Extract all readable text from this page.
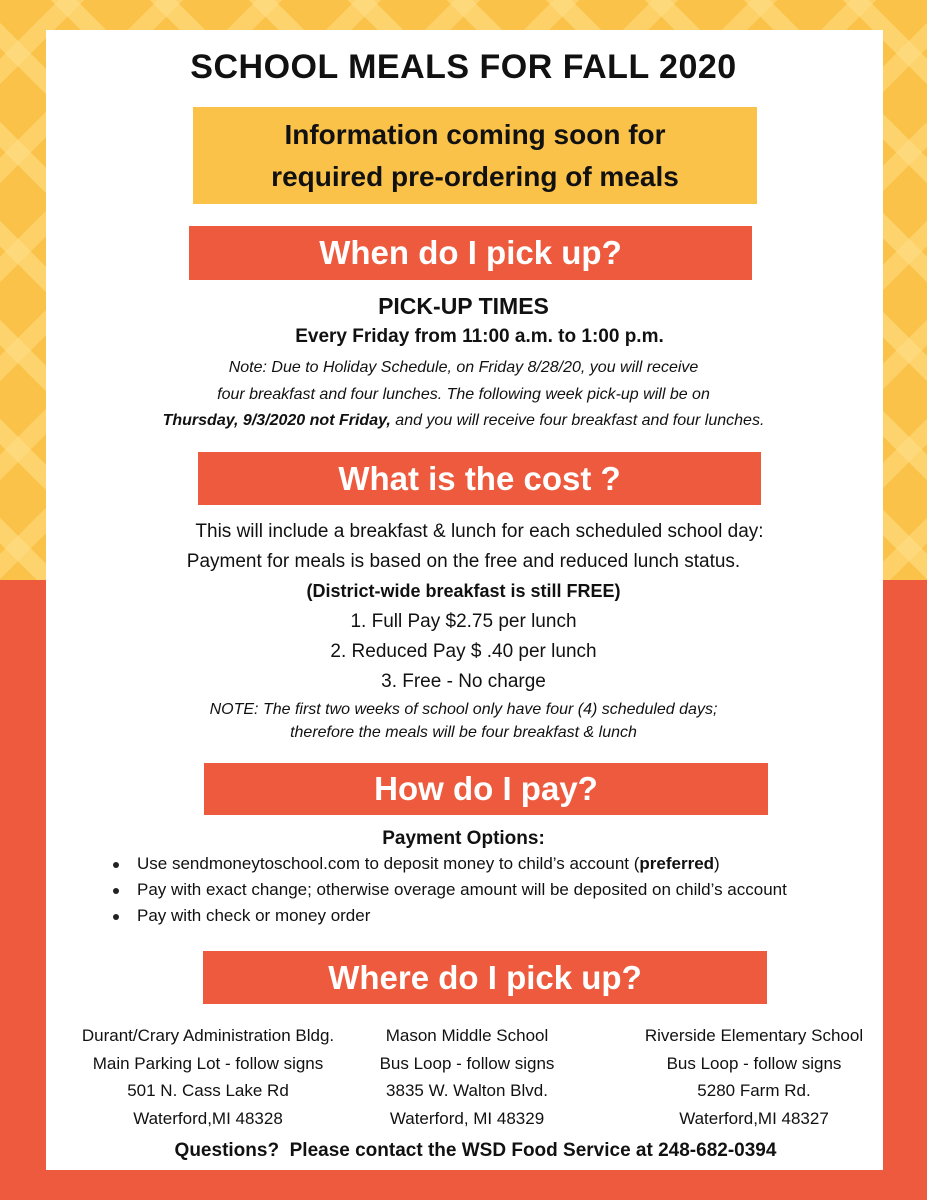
SCHOOL MEALS FOR FALL 2020
Information coming soon for
required pre-ordering of meals
When do I pick up?
PICK-UP TIMES
Every Friday from 11:00 a.m. to 1:00 p.m.
Note: Due to Holiday Schedule, on Friday 8/28/20, you will receive
four breakfast and four lunches. The following week pick-up will be on
Thursday, 9/3/2020 not Friday, and you will receive four breakfast and four lunches.
What is the cost ?
This will include a breakfast & lunch for each scheduled school day:
Payment for meals is based on the free and reduced lunch status.
(District-wide breakfast is still FREE)
1. Full Pay $2.75 per lunch
2. Reduced Pay $ .40 per lunch
3. Free - No charge
NOTE: The first two weeks of school only have four (4) scheduled days;
therefore the meals will be four breakfast & lunch
How do I pay?
Payment Options:
Use sendmoneytoschool.com to deposit money to child’s account (preferred)
Pay with exact change; otherwise overage amount will be deposited on child’s account
Pay with check or money order
Where do I pick up?
Durant/Crary Administration Bldg.
Main Parking Lot - follow signs
501 N. Cass Lake Rd
Waterford,MI 48328
Mason Middle School
Bus Loop - follow signs
3835 W. Walton Blvd.
Waterford, MI 48329
Riverside Elementary School
Bus Loop - follow signs
5280 Farm Rd.
Waterford,MI 48327
Questions?  Please contact the WSD Food Service at 248-682-0394
